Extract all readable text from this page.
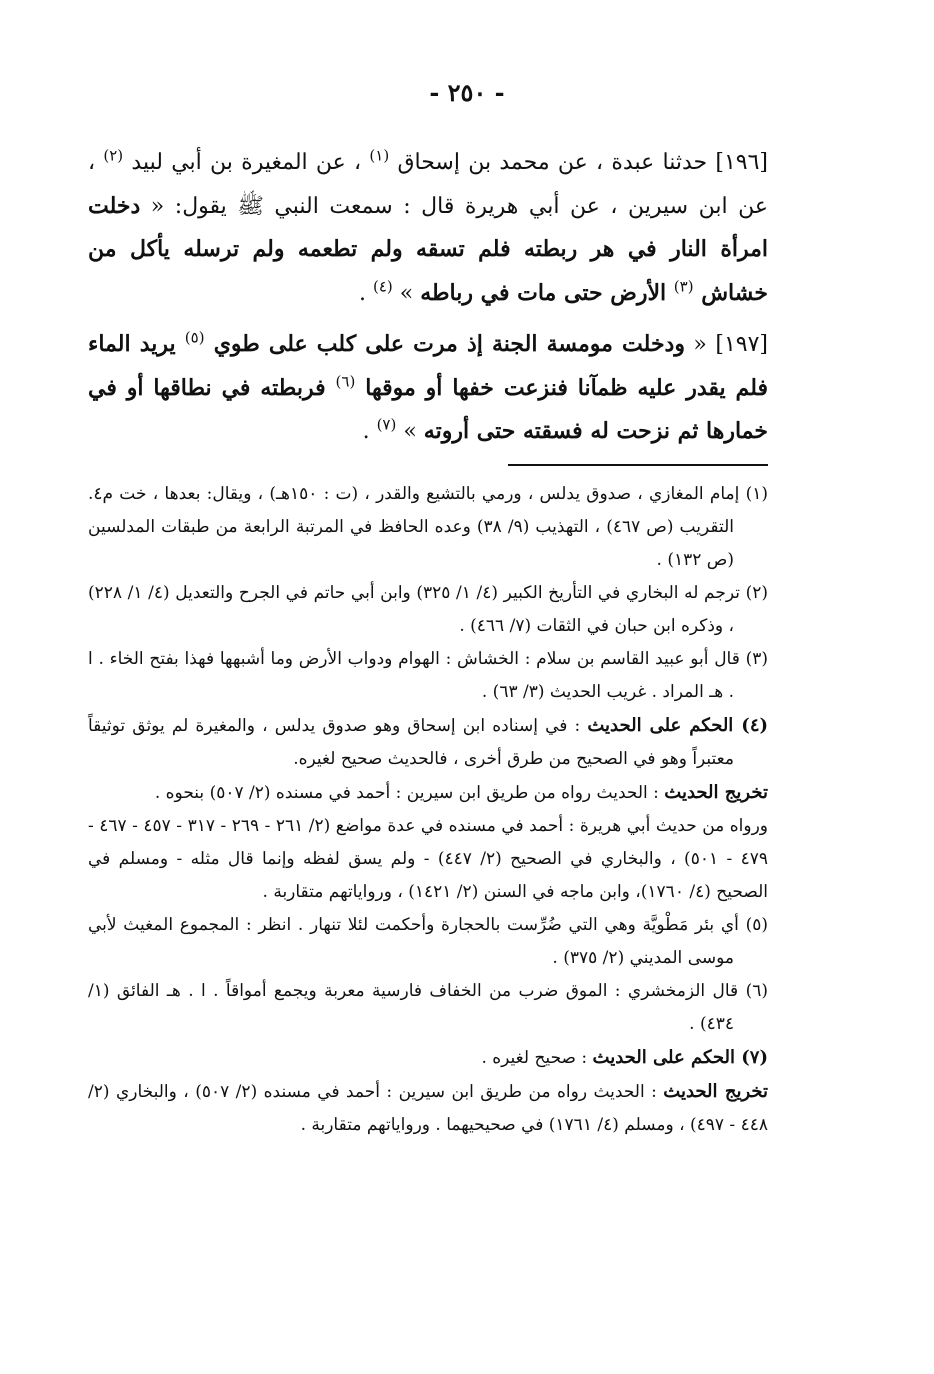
- ٢٥٠ -

[١٩٦] حدثنا عبدة ، عن محمد بن إسحاق $^{(١)}$ ، عن المغيرة بن أبي لبيد $^{(٢)}$ ، عن ابن سيرين ، عن أبي هريرة قال : سمعت النبي ﷺ يقول: « دخلت امرأة النار في هر ربطته فلم تسقه ولم تطعمه ولم ترسله يأكل من خشاش $^{(٣)}$ الأرض حتى مات في رباطه » $^{(٤)}$ .

[١٩٧] « ودخلت مومسة الجنة إذ مرت على كلب على طوي $^{(٥)}$ يريد الماء فلم يقدر عليه ظمآنا فنزعت خفها أو موقها $^{(٦)}$ فربطته في نطاقها أو في خمارها ثم نزحت له فسقته حتى أروته » $^{(٧)}$ .

(١) إمام المغازي ، صدوق يدلس ، ورمي بالتشيع والقدر ، (ت : ١٥٠هـ) ، ويقال: بعدها ، خت م٤. التقريب (ص ٤٦٧) ، التهذيب (٩/ ٣٨) وعده الحافظ في المرتبة الرابعة من طبقات المدلسين (ص ١٣٢) .

(٢) ترجم له البخاري في التأريخ الكبير (٤/ ١/ ٣٢٥) وابن أبي حاتم في الجرح والتعديل (٤/ ١/ ٢٢٨) ، وذكره ابن حبان في الثقات (٧/ ٤٦٦) .

(٣) قال أبو عبيد القاسم بن سلام : الخشاش : الهوام ودواب الأرض وما أشبهها فهذا بفتح الخاء . ا . هـ المراد . غريب الحديث (٣/ ٦٣) .

(٤) الحكم على الحديث : في إسناده ابن إسحاق وهو صدوق يدلس ، والمغيرة لم يوثق توثيقاً معتبراً وهو في الصحيح من طرق أخرى ، فالحديث صحيح لغيره.

تخريج الحديث : الحديث رواه من طريق ابن سيرين : أحمد في مسنده (٢/ ٥٠٧) بنحوه .

ورواه من حديث أبي هريرة : أحمد في مسنده في عدة مواضع (٢/ ٢٦١ - ٢٦٩ - ٣١٧ - ٤٥٧ - ٤٦٧ - ٤٧٩ - ٥٠١) ، والبخاري في الصحيح (٢/ ٤٤٧) - ولم يسق لفظه وإنما قال مثله - ومسلم في الصحيح (٤/ ١٧٦٠)، وابن ماجه في السنن (٢/ ١٤٢١) ، ورواياتهم متقاربة .

(٥) أي بئر مَطْويَّة وهي التي ضُرِّست بالحجارة وأحكمت لئلا تنهار . انظر : المجموع المغيث لأبي موسى المديني (٢/ ٣٧٥) .

(٦) قال الزمخشري : الموق ضرب من الخفاف فارسية معربة ويجمع أمواقاً . ا . هـ الفائق (١/ ٤٣٤) .

(٧) الحكم على الحديث : صحيح لغيره .

تخريج الحديث : الحديث رواه من طريق ابن سيرين : أحمد في مسنده (٢/ ٥٠٧) ، والبخاري (٢/ ٤٤٨ - ٤٩٧) ، ومسلم (٤/ ١٧٦١) في صحيحيهما . ورواياتهم متقاربة .
